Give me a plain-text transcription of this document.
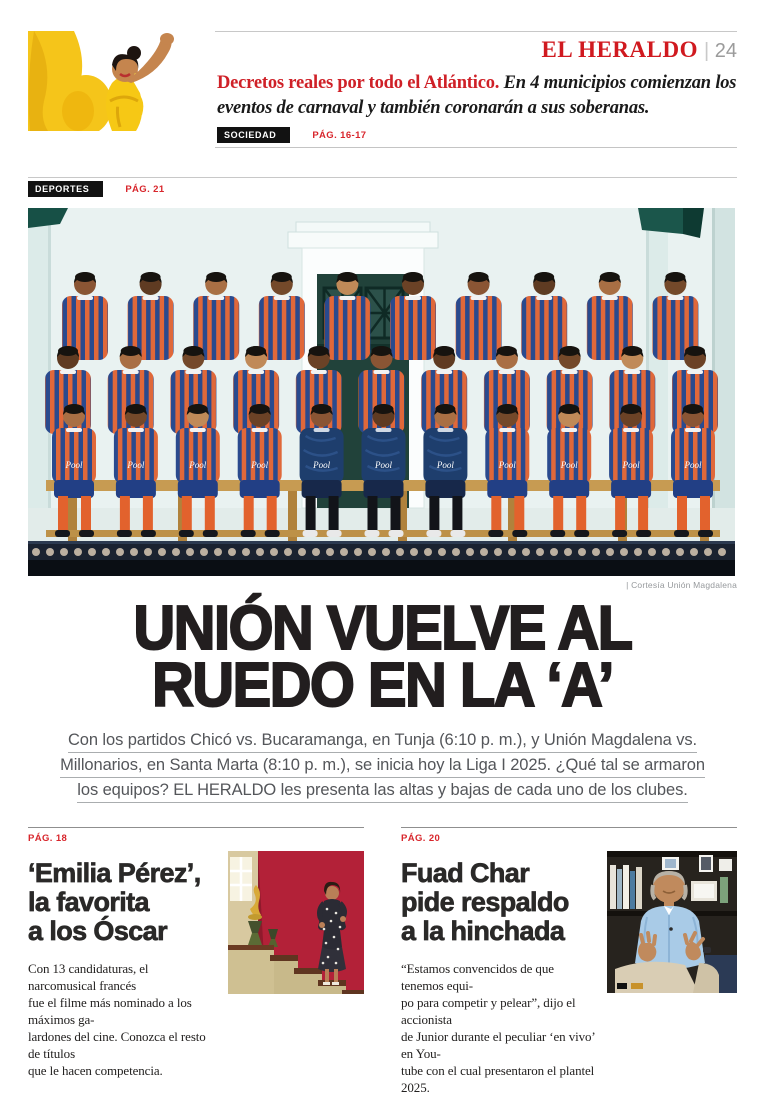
EL HERALDO | 24
Decretos reales por todo el Atlántico. En 4 municipios comienzan los eventos de carnaval y también coronarán a sus soberanas.
SOCIEDAD	PÁG. 16-17
DEPORTES	PÁG. 21
Pool	Pool	Pool	Pool	Pool	Pool	Pool	Pool	Pool	Pool	Pool
| Cortesía Unión Magdalena
UNIÓN VUELVE AL
RUEDO EN LA ‘A’
Con los partidos Chicó vs. Bucaramanga, en Tunja (6:10 p. m.), y Unión Magdalena vs.
Millonarios, en Santa Marta (8:10 p. m.), se inicia hoy la Liga I 2025. ¿Qué tal se armaron
los equipos? EL HERALDO les presenta las altas y bajas de cada uno de los clubes.
PÁG. 18
‘Emilia Pérez’,
la favorita
a los Óscar
Con 13 candidaturas, el narcomusical francés
fue el filme más nominado a los máximos ga-
lardones del cine. Conozca el resto de títulos
que le hacen competencia.
PÁG. 20
Fuad Char
pide respaldo
a la hinchada
“Estamos convencidos de que tenemos equi-
po para competir y pelear”, dijo el accionista
de Junior durante el peculiar ‘en vivo’ en You-
tube con el cual presentaron el plantel 2025.
